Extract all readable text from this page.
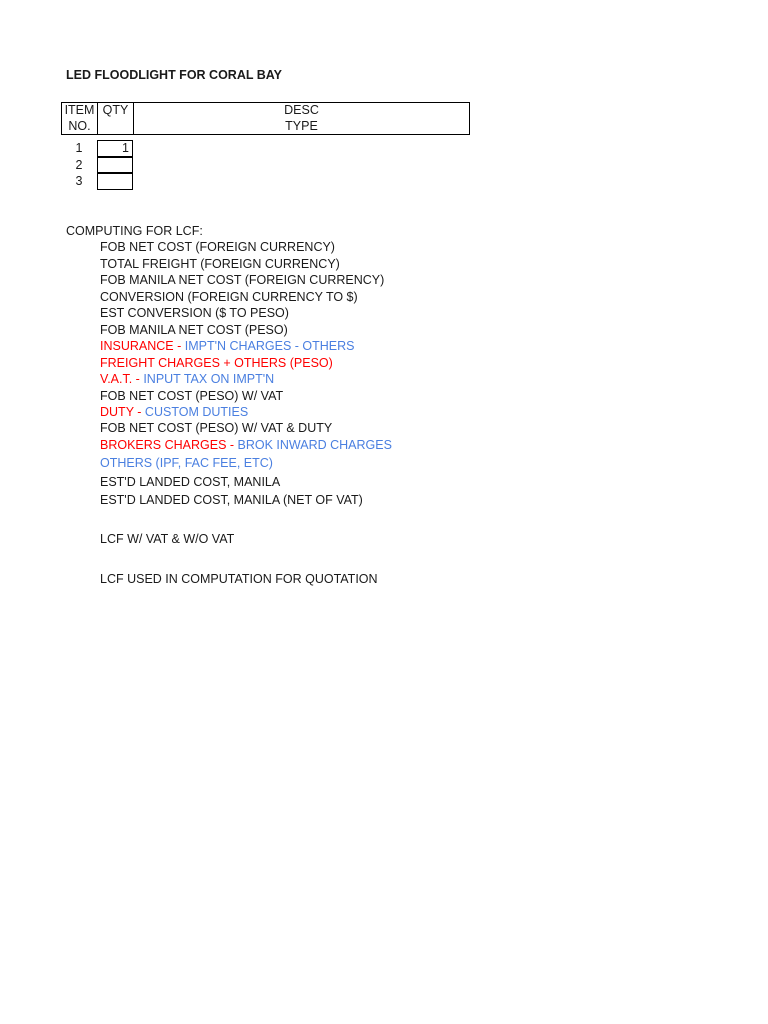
LED FLOODLIGHT FOR CORAL BAY
ITEM
NO.
QTY	DESC
TYPE
1	1
2
3
COMPUTING FOR LCF:
FOB NET COST (FOREIGN CURRENCY)
TOTAL FREIGHT (FOREIGN CURRENCY)
FOB MANILA NET COST (FOREIGN CURRENCY)
CONVERSION (FOREIGN CURRENCY TO $)
EST CONVERSION ($ TO PESO)
FOB MANILA NET COST (PESO)
INSURANCE - IMPT'N CHARGES - OTHERS
FREIGHT CHARGES + OTHERS (PESO)
V.A.T. - INPUT TAX ON IMPT'N
FOB NET COST (PESO) W/ VAT
DUTY - CUSTOM DUTIES
FOB NET COST (PESO) W/ VAT & DUTY
BROKERS CHARGES - BROK INWARD CHARGES
OTHERS (IPF, FAC FEE, ETC)
EST'D LANDED COST, MANILA
EST'D LANDED COST, MANILA (NET OF VAT)
LCF W/ VAT & W/O VAT
LCF USED IN COMPUTATION FOR QUOTATION
